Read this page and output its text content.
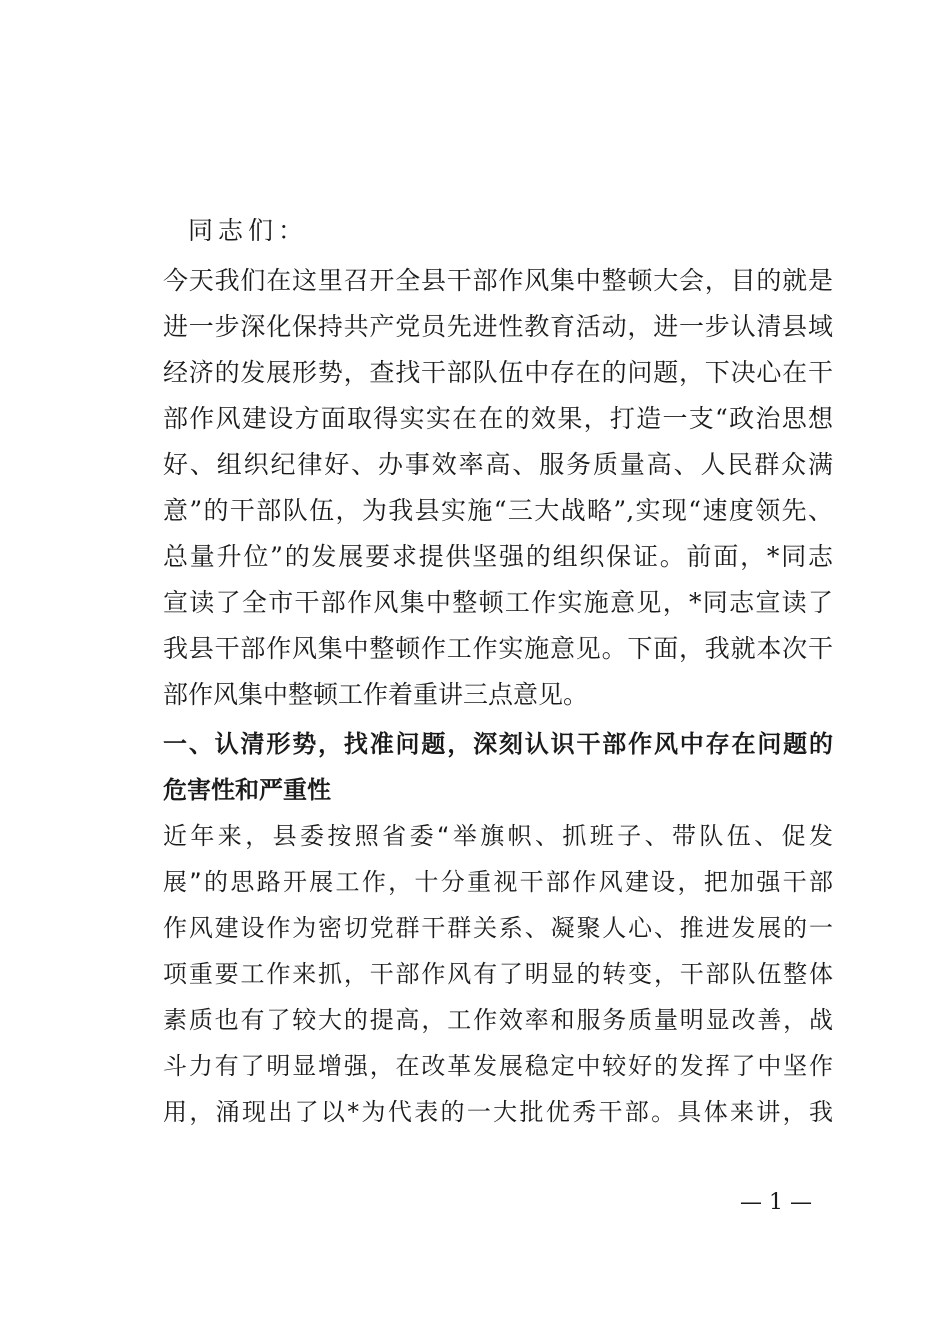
同志们：
今天我们在这里召开全县干部作风集中整顿大会，目的就是
进一步深化保持共产党员先进性教育活动，进一步认清县域
经济的发展形势，查找干部队伍中存在的问题，下决心在干
部作风建设方面取得实实在在的效果，打造一支“政治思想
好、组织纪律好、办事效率高、服务质量高、人民群众满
意”的干部队伍，为我县实施“三大战略”,实现“速度领先、
总量升位”的发展要求提供坚强的组织保证。前面，*同志
宣读了全市干部作风集中整顿工作实施意见，*同志宣读了
我县干部作风集中整顿作工作实施意见。下面，我就本次干
部作风集中整顿工作着重讲三点意见。
一、认清形势，找准问题，深刻认识干部作风中存在问题的
危害性和严重性
近年来，县委按照省委“举旗帜、抓班子、带队伍、促发
展”的思路开展工作，十分重视干部作风建设，把加强干部
作风建设作为密切党群干群关系、凝聚人心、推进发展的一
项重要工作来抓，干部作风有了明显的转变，干部队伍整体
素质也有了较大的提高，工作效率和服务质量明显改善，战
斗力有了明显增强，在改革发展稳定中较好的发挥了中坚作
用，涌现出了以*为代表的一大批优秀干部。具体来讲，我
— 1 —
